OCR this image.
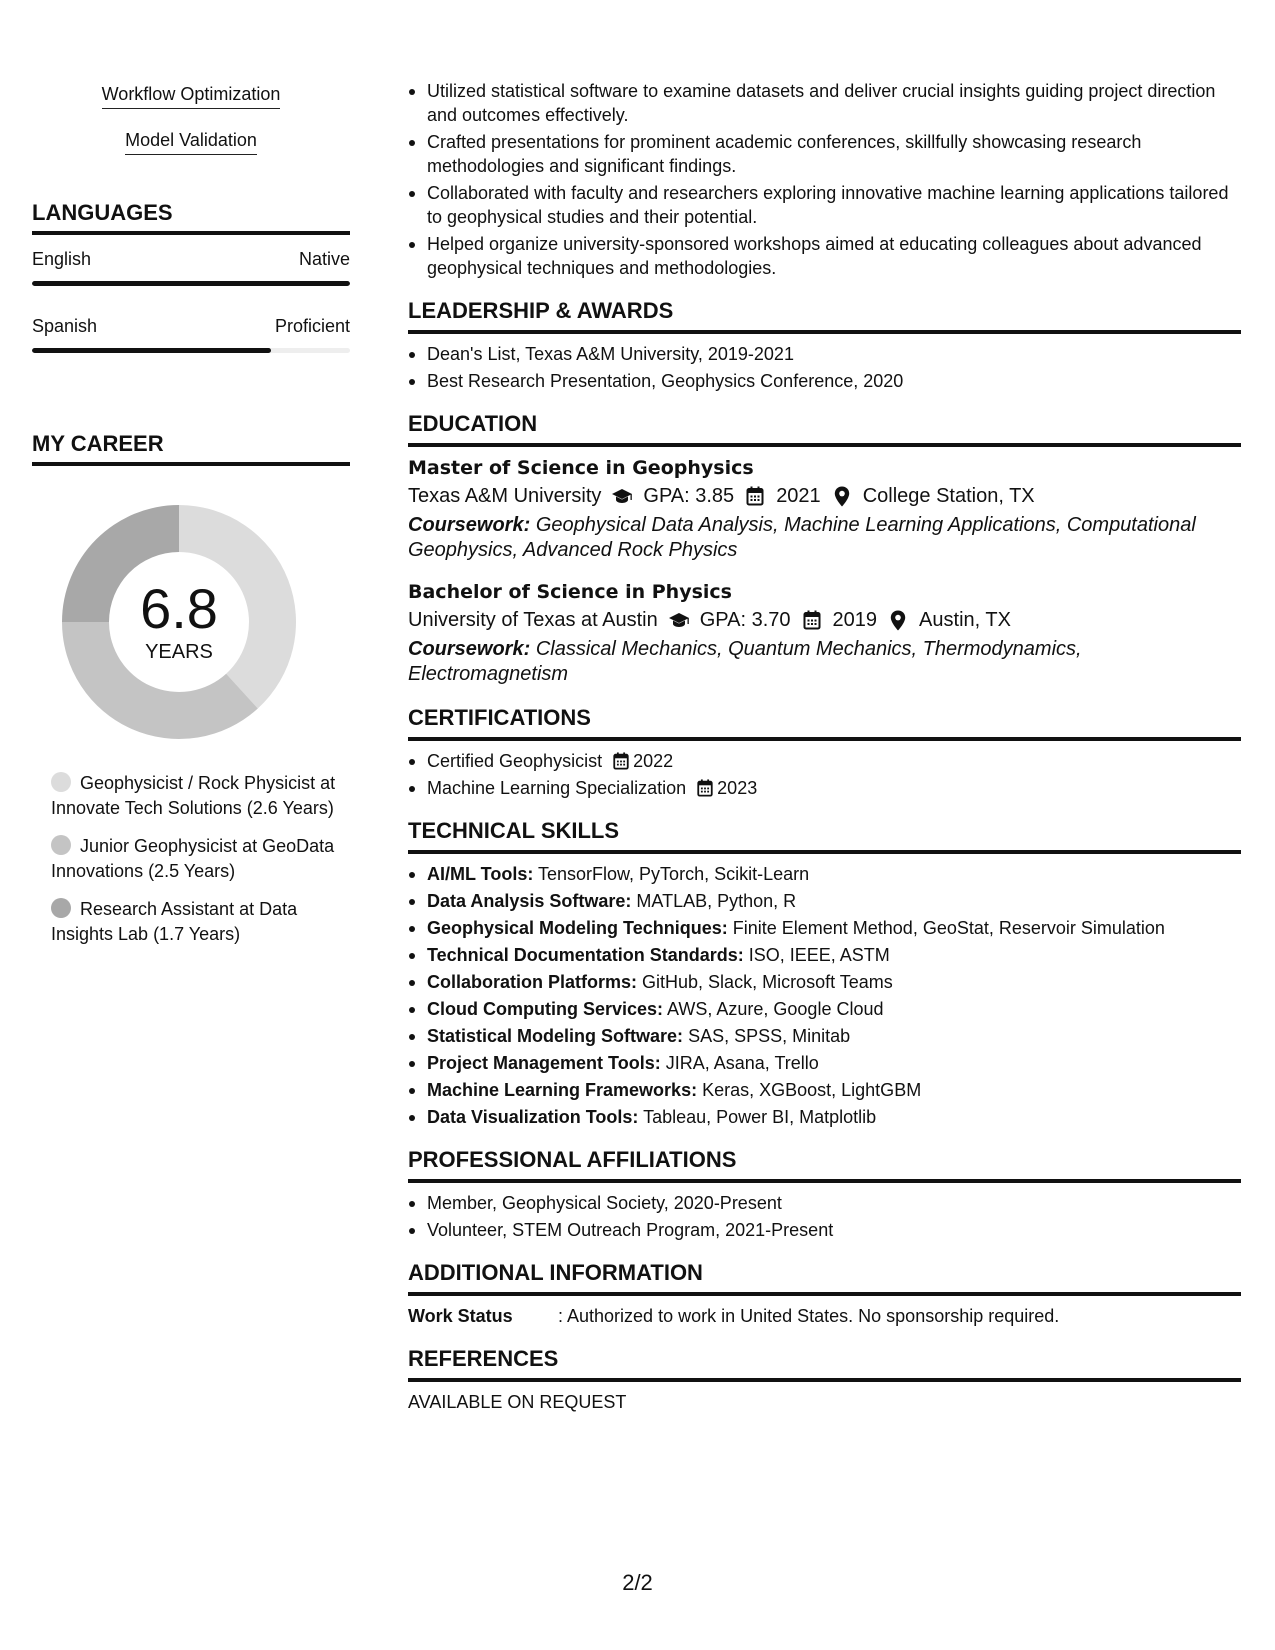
Workflow Optimization
Model Validation
LANGUAGES
English	Native
Spanish	Proficient
MY CAREER
6.8
YEARS
Geophysicist / Rock Physicist at Innovate Tech Solutions (2.6 Years)
Junior Geophysicist at GeoData Innovations (2.5 Years)
Research Assistant at Data Insights Lab (1.7 Years)
Utilized statistical software to examine datasets and deliver crucial insights guiding project direction and outcomes effectively.
Crafted presentations for prominent academic conferences, skillfully showcasing research methodologies and significant findings.
Collaborated with faculty and researchers exploring innovative machine learning applications tailored to geophysical studies and their potential.
Helped organize university-sponsored workshops aimed at educating colleagues about advanced geophysical techniques and methodologies.
LEADERSHIP & AWARDS
Dean's List, Texas A&M University, 2019-2021
Best Research Presentation, Geophysics Conference, 2020
EDUCATION
Master of Science in Geophysics
Texas A&M University GPA: 3.85 2021 College Station, TX
Coursework: Geophysical Data Analysis, Machine Learning Applications, Computational Geophysics, Advanced Rock Physics
Bachelor of Science in Physics
University of Texas at Austin GPA: 3.70 2019 Austin, TX
Coursework: Classical Mechanics, Quantum Mechanics, Thermodynamics, Electromagnetism
CERTIFICATIONS
Certified Geophysicist 2022
Machine Learning Specialization 2023
TECHNICAL SKILLS
AI/ML Tools: TensorFlow, PyTorch, Scikit-Learn
Data Analysis Software: MATLAB, Python, R
Geophysical Modeling Techniques: Finite Element Method, GeoStat, Reservoir Simulation
Technical Documentation Standards: ISO, IEEE, ASTM
Collaboration Platforms: GitHub, Slack, Microsoft Teams
Cloud Computing Services: AWS, Azure, Google Cloud
Statistical Modeling Software: SAS, SPSS, Minitab
Project Management Tools: JIRA, Asana, Trello
Machine Learning Frameworks: Keras, XGBoost, LightGBM
Data Visualization Tools: Tableau, Power BI, Matplotlib
PROFESSIONAL AFFILIATIONS
Member, Geophysical Society, 2020-Present
Volunteer, STEM Outreach Program, 2021-Present
ADDITIONAL INFORMATION
Work Status	: Authorized to work in United States. No sponsorship required.
REFERENCES
AVAILABLE ON REQUEST
2/2
